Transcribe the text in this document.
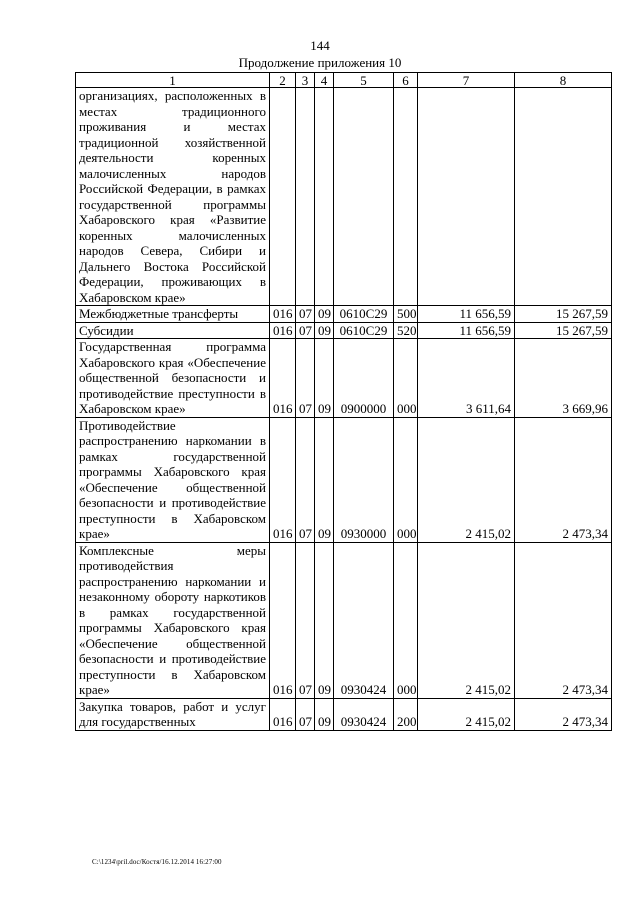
144
Продолжение приложения 10
1	2	3	4	5	6	7	8
организациях, расположенных в местах традиционного проживания и местах традиционной хозяйственной деятельности коренных малочисленных народов Российской Федерации, в рамках государственной программы Хабаровского края «Развитие коренных малочисленных народов Севера, Сибири и Дальнего Востока Российской Федерации, проживающих в Хабаровском крае»							
Межбюджетные трансферты	016	07	09	0610С29	500	11 656,59	15 267,59
Субсидии	016	07	09	0610С29	520	11 656,59	15 267,59
Государственная программа Хабаровского края «Обеспечение общественной безопасности и противодействие преступности в Хабаровском крае»	016	07	09	0900000	000	3 611,64	3 669,96
Противодействие распространению наркомании в рамках государственной программы Хабаровского края «Обеспечение общественной безопасности и противодействие преступности в Хабаровском крае»	016	07	09	0930000	000	2 415,02	2 473,34
Комплексные меры противодействия распространению наркомании и незаконному обороту наркотиков в рамках государственной программы Хабаровского края «Обеспечение общественной безопасности и противодействие преступности в Хабаровском крае»	016	07	09	0930424	000	2 415,02	2 473,34
Закупка товаров, работ и услуг для государственных	016	07	09	0930424	200	2 415,02	2 473,34
C:\1234\pril.doc/Костя/16.12.2014 16:27:00
